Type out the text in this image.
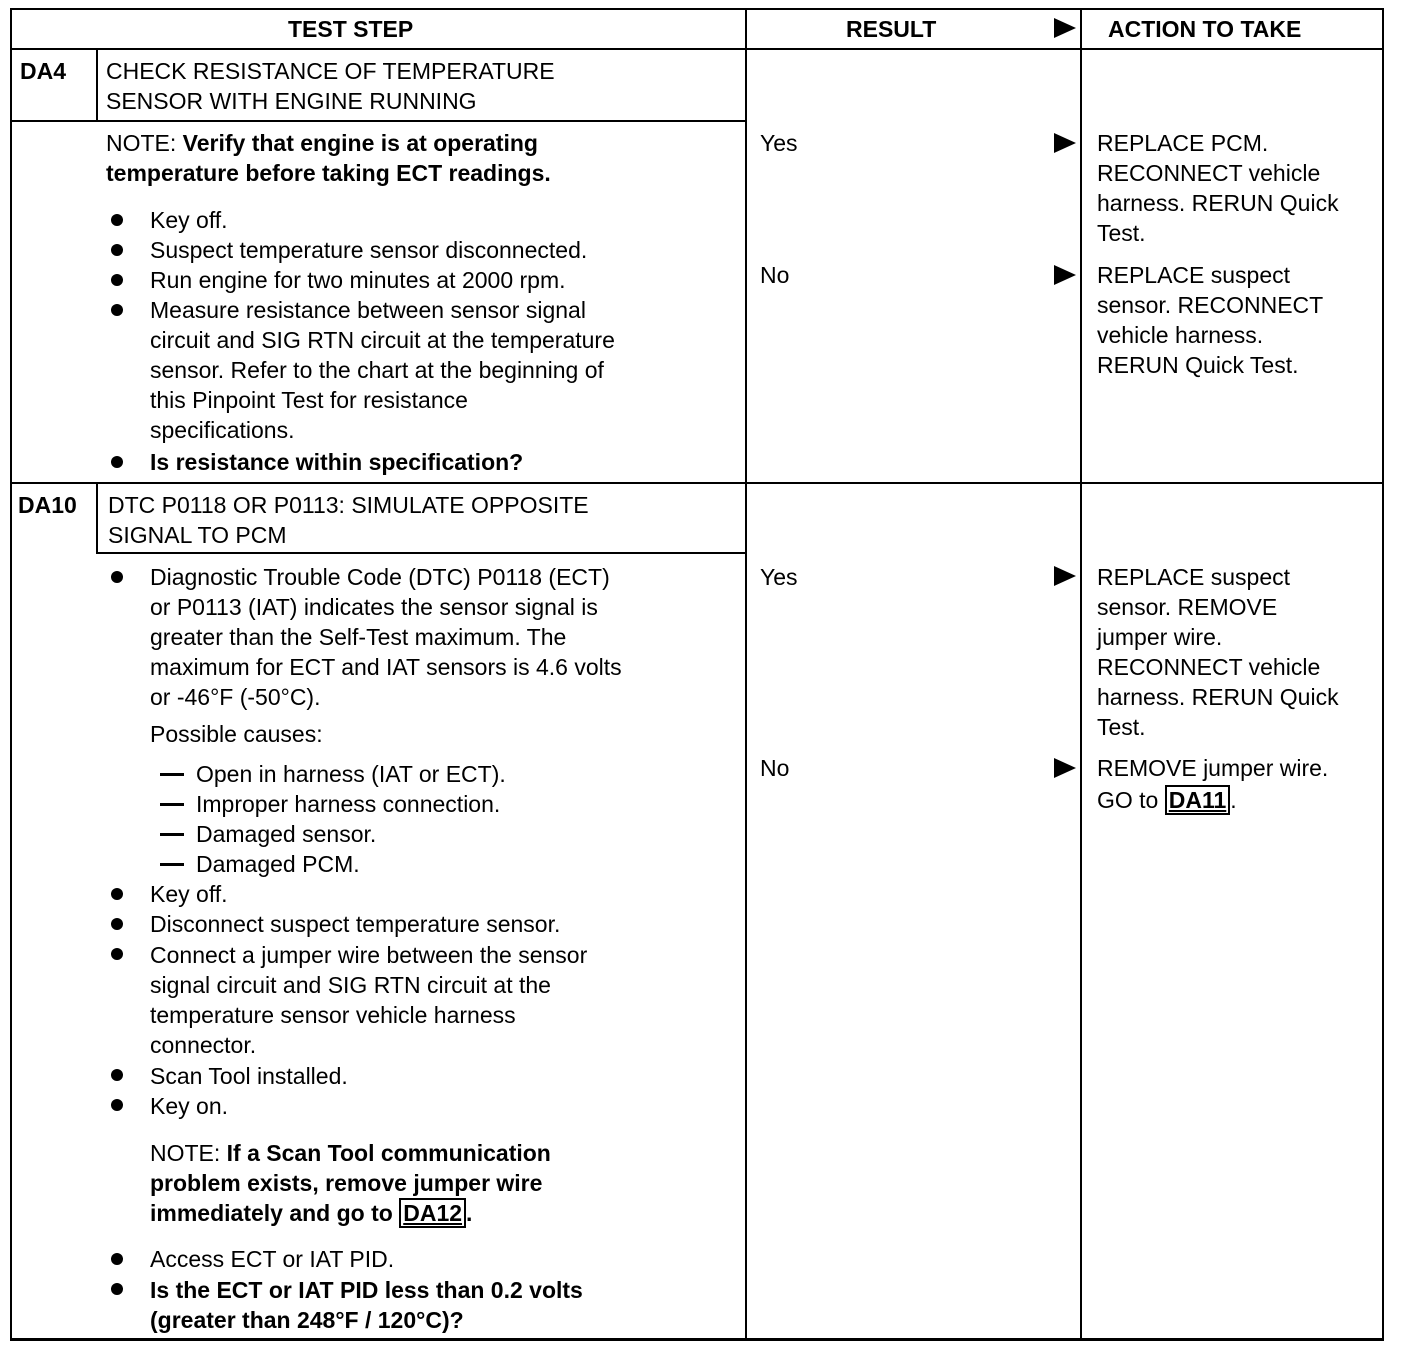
TEST STEP	RESULT	ACTION TO TAKE
DA4 CHECK RESISTANCE OF TEMPERATURE
SENSOR WITH ENGINE RUNNING
NOTE: Verify that engine is at operating
temperature before taking ECT readings.
Key off.
Suspect temperature sensor disconnected.
Run engine for two minutes at 2000 rpm.
Measure resistance between sensor signal
circuit and SIG RTN circuit at the temperature
sensor. Refer to the chart at the beginning of
this Pinpoint Test for resistance
specifications.
Is resistance within specification?
Yes	REPLACE PCM.
RECONNECT vehicle
harness. RERUN Quick
Test.
No	REPLACE suspect
sensor. RECONNECT
vehicle harness.
RERUN Quick Test.
DA10 DTC P0118 OR P0113: SIMULATE OPPOSITE
SIGNAL TO PCM
Diagnostic Trouble Code (DTC) P0118 (ECT)
or P0113 (IAT) indicates the sensor signal is
greater than the Self-Test maximum. The
maximum for ECT and IAT sensors is 4.6 volts
or -46°F (-50°C).
Possible causes:
Open in harness (IAT or ECT).
Improper harness connection.
Damaged sensor.
Damaged PCM.
Key off.
Disconnect suspect temperature sensor.
Connect a jumper wire between the sensor
signal circuit and SIG RTN circuit at the
temperature sensor vehicle harness
connector.
Scan Tool installed.
Key on.
NOTE: If a Scan Tool communication
problem exists, remove jumper wire
immediately and go to DA12 .
Access ECT or IAT PID.
Is the ECT or IAT PID less than 0.2 volts
(greater than 248°F / 120°C)?
Yes	REPLACE suspect
sensor. REMOVE
jumper wire.
RECONNECT vehicle
harness. RERUN Quick
Test.
No	REMOVE jumper wire.
GO to DA11 .
